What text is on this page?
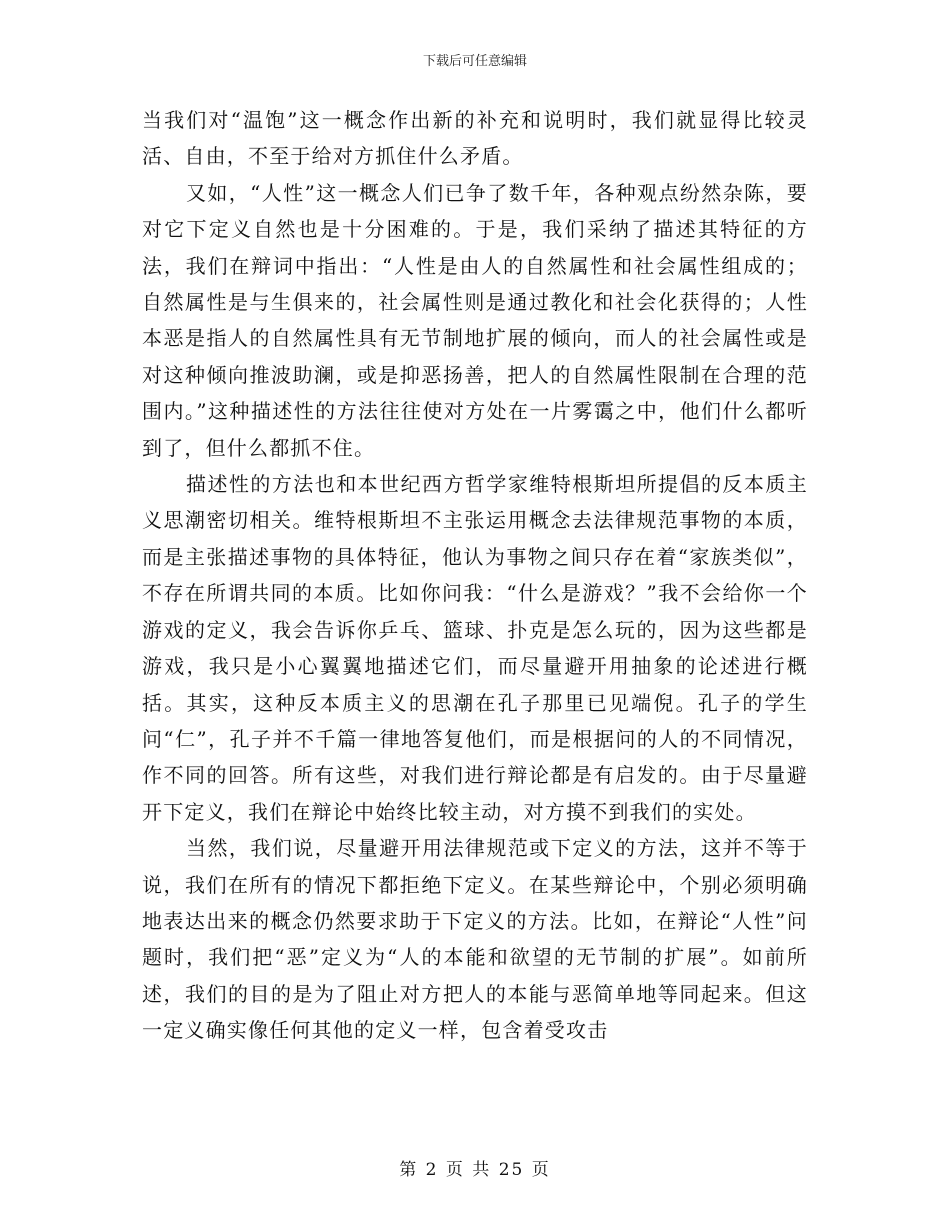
下载后可任意编辑

当我们对“温饱”这一概念作出新的补充和说明时，我们就显得比较灵活、自由，不至于给对方抓住什么矛盾。

又如，“人性”这一概念人们已争了数千年，各种观点纷然杂陈，要对它下定义自然也是十分困难的。于是，我们采纳了描述其特征的方法，我们在辩词中指出：“人性是由人的自然属性和社会属性组成的；自然属性是与生俱来的，社会属性则是通过教化和社会化获得的；人性本恶是指人的自然属性具有无节制地扩展的倾向，而人的社会属性或是对这种倾向推波助澜，或是抑恶扬善，把人的自然属性限制在合理的范围内。”这种描述性的方法往往使对方处在一片雾霭之中，他们什么都听到了，但什么都抓不住。

描述性的方法也和本世纪西方哲学家维特根斯坦所提倡的反本质主义思潮密切相关。维特根斯坦不主张运用概念去法律规范事物的本质，而是主张描述事物的具体特征，他认为事物之间只存在着“家族类似”，不存在所谓共同的本质。比如你问我：“什么是游戏？”我不会给你一个游戏的定义，我会告诉你乒乓、篮球、扑克是怎么玩的，因为这些都是游戏，我只是小心翼翼地描述它们，而尽量避开用抽象的论述进行概括。其实，这种反本质主义的思潮在孔子那里已见端倪。孔子的学生问“仁”，孔子并不千篇一律地答复他们，而是根据问的人的不同情况，作不同的回答。所有这些，对我们进行辩论都是有启发的。由于尽量避开下定义，我们在辩论中始终比较主动，对方摸不到我们的实处。

当然，我们说，尽量避开用法律规范或下定义的方法，这并不等于说，我们在所有的情况下都拒绝下定义。在某些辩论中，个别必须明确地表达出来的概念仍然要求助于下定义的方法。比如，在辩论“人性”问题时，我们把“恶”定义为“人的本能和欲望的无节制的扩展”。如前所述，我们的目的是为了阻止对方把人的本能与恶简单地等同起来。但这一定义确实像任何其他的定义一样，包含着受攻击

第 2 页 共 25 页
